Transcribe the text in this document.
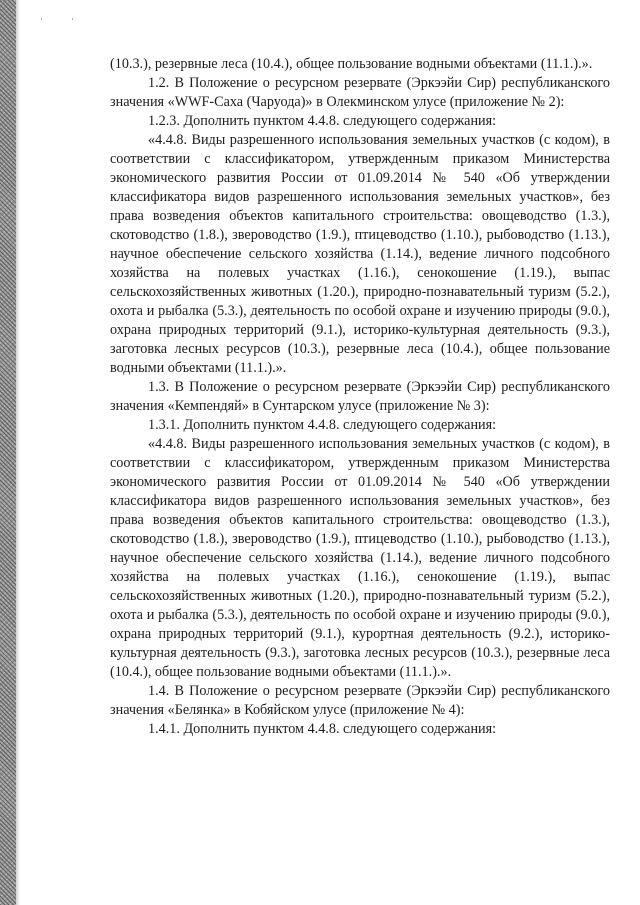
·	·

(10.3.), резервные леса (10.4.), общее пользование водными объектами (11.1.).».

1.2. В Положение о ресурсном резервате (Эркээйи Сир) республиканского значения «WWF-Саха (Чаруода)» в Олекминском улусе (приложение № 2):

1.2.3. Дополнить пунктом 4.4.8. следующего содержания:

«4.4.8. Виды разрешенного использования земельных участков (с кодом), в соответствии с классификатором, утвержденным приказом Министерства экономического развития России от 01.09.2014 № 540 «Об утверждении классификатора видов разрешенного использования земельных участков», без права возведения объектов капитального строительства: овощеводство (1.3.), скотоводство (1.8.), звероводство (1.9.), птицеводство (1.10.), рыбоводство (1.13.), научное обеспечение сельского хозяйства (1.14.), ведение личного подсобного хозяйства на полевых участках (1.16.), сенокошение (1.19.), выпас сельскохозяйственных животных (1.20.), природно-познавательный туризм (5.2.), охота и рыбалка (5.3.), деятельность по особой охране и изучению природы (9.0.), охрана природных территорий (9.1.), историко-культурная деятельность (9.3.), заготовка лесных ресурсов (10.3.), резервные леса (10.4.), общее пользование водными объектами (11.1.).».

1.3. В Положение о ресурсном резервате (Эркээйи Сир) республиканского значения «Кемпендяй» в Сунтарском улусе (приложение № 3):

1.3.1. Дополнить пунктом 4.4.8. следующего содержания:

«4.4.8. Виды разрешенного использования земельных участков (с кодом), в соответствии с классификатором, утвержденным приказом Министерства экономического развития России от 01.09.2014 № 540 «Об утверждении классификатора видов разрешенного использования земельных участков», без права возведения объектов капитального строительства: овощеводство (1.3.), скотоводство (1.8.), звероводство (1.9.), птицеводство (1.10.), рыбоводство (1.13.), научное обеспечение сельского хозяйства (1.14.), ведение личного подсобного хозяйства на полевых участках (1.16.), сенокошение (1.19.), выпас сельскохозяйственных животных (1.20.), природно-познавательный туризм (5.2.), охота и рыбалка (5.3.), деятельность по особой охране и изучению природы (9.0.), охрана природных территорий (9.1.), курортная деятельность (9.2.), историко-культурная деятельность (9.3.), заготовка лесных ресурсов (10.3.), резервные леса (10.4.), общее пользование водными объектами (11.1.).».

1.4. В Положение о ресурсном резервате (Эркээйи Сир) республиканского значения «Белянка» в Кобяйском улусе (приложение № 4):

1.4.1. Дополнить пунктом 4.4.8. следующего содержания:
